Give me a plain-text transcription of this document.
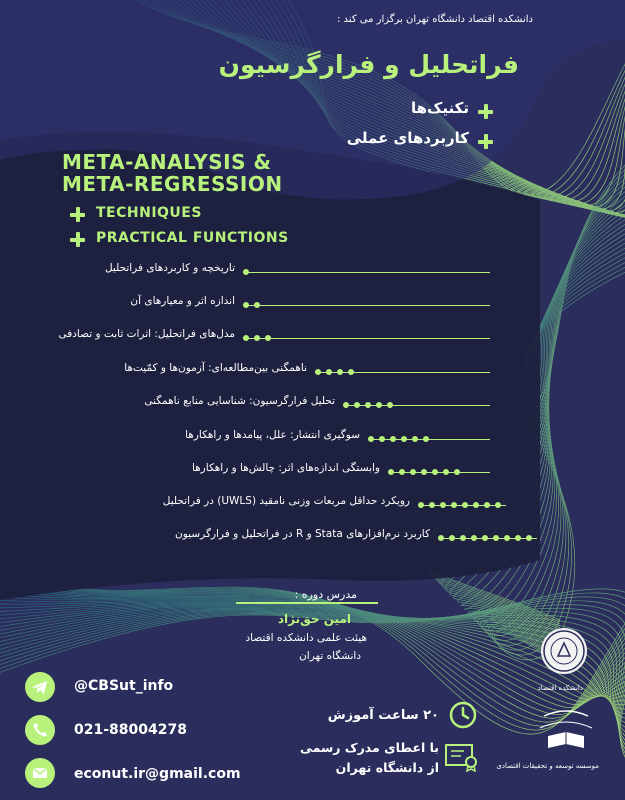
دانشکده اقتصاد دانشگاه تهران برگزار می کند :
فراتحلیل و فرارگرسیون
تکنیک‌ها
کاربردهای عملی
META-ANALYSIS &
META-REGRESSION
TECHNIQUES
PRACTICAL FUNCTIONS
تاریخچه و کاربردهای فراتحلیل
اندازه اثر و معیارهای آن
مدل‌های فراتحلیل: اثرات ثابت و تصادفی
ناهمگنی بین‌مطالعه‌ای: آزمون‌ها و کمّیت‌ها
تحلیل فرارگرسیون: شناسایی منابع ناهمگنی
سوگیری انتشار: علل، پیامدها و راهکارها
وابستگی اندازه‌های اثر: چالش‌ها و راهکارها
رویکرد حداقل مربعات وزنی نامقید (UWLS) در فراتحلیل
کاربرد نرم‌افزارهای Stata و R در فراتحلیل و فرارگرسیون
مدرس دوره :
امین حق‌نژاد
هیئت علمی دانشکده اقتصاد
دانشگاه تهران
@CBSut_info
021-88004278
econut.ir@gmail.com
۲۰ ساعت آموزش
با اعطای مدرک رسمی
از دانشگاه تهران
دانشکده اقتصاد
موسسه توسعه و تحقیقات اقتصادی
